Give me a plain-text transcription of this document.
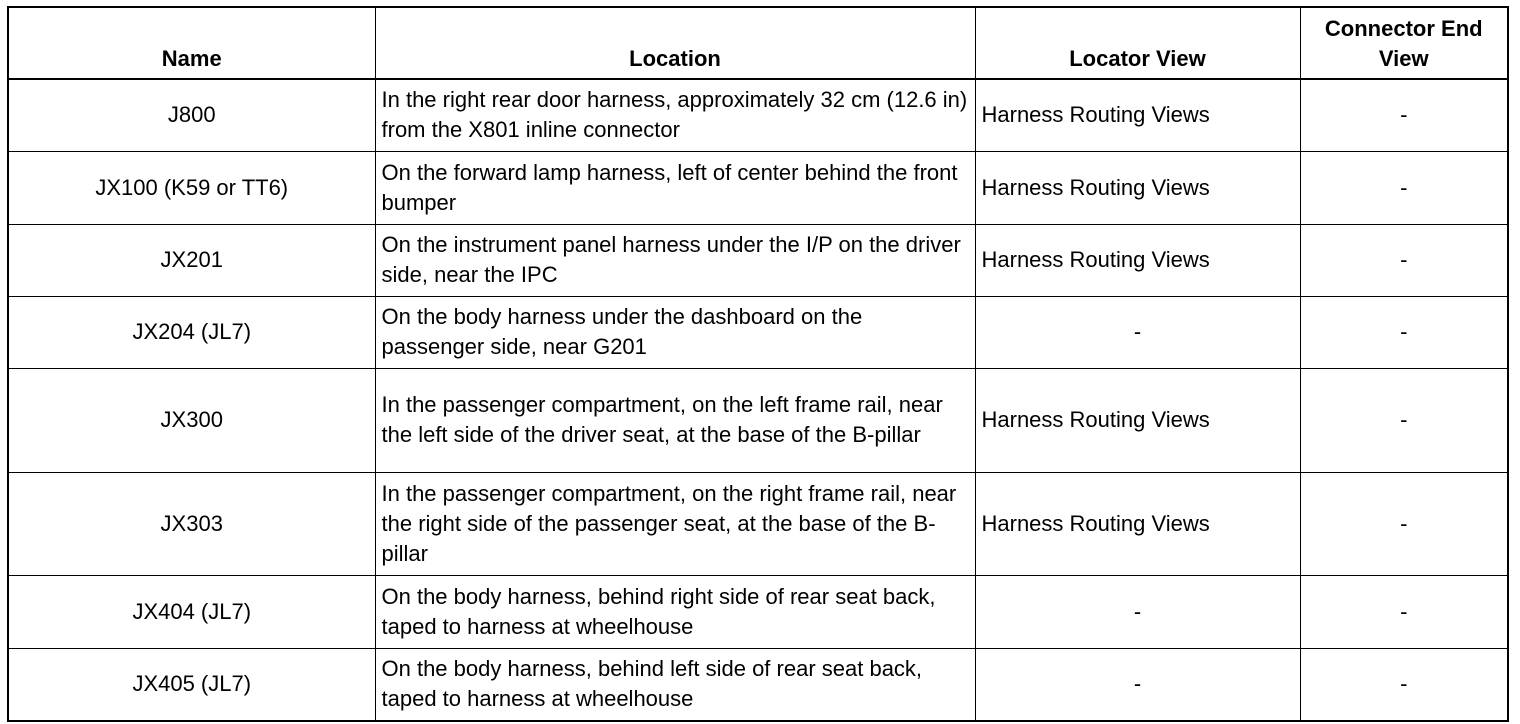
Name	Location	Locator View	Connector End View
J800	In the right rear door harness, approximately 32 cm (12.6 in) from the X801 inline connector	Harness Routing Views	-
JX100 (K59 or TT6)	On the forward lamp harness, left of center behind the front bumper	Harness Routing Views	-
JX201	On the instrument panel harness under the I/P on the driver side, near the IPC	Harness Routing Views	-
JX204 (JL7)	On the body harness under the dashboard on the passenger side, near G201	-	-
JX300	In the passenger compartment, on the left frame rail, near the left side of the driver seat, at the base of the B-pillar	Harness Routing Views	-
JX303	In the passenger compartment, on the right frame rail, near the right side of the passenger seat, at the base of the B-pillar	Harness Routing Views	-
JX404 (JL7)	On the body harness, behind right side of rear seat back, taped to harness at wheelhouse	-	-
JX405 (JL7)	On the body harness, behind left side of rear seat back, taped to harness at wheelhouse	-	-
